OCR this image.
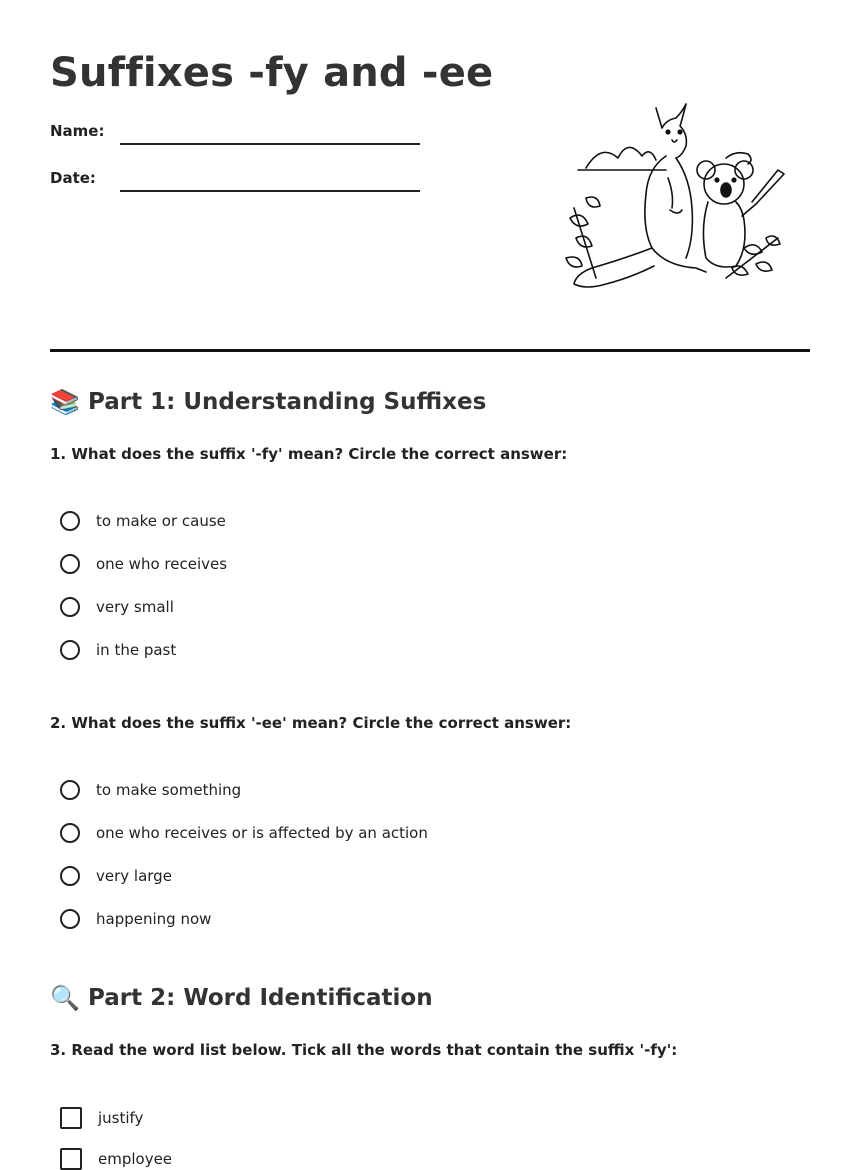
Suffixes -fy and -ee
Name:
Date:
📚 Part 1: Understanding Suffixes

1. What does the suffix '-fy' mean? Circle the correct answer:

to make or cause
one who receives
very small
in the past

2. What does the suffix '-ee' mean? Circle the correct answer:

to make something
one who receives or is affected by an action
very large
happening now
🔍 Part 2: Word Identification

3. Read the word list below. Tick all the words that contain the suffix '-fy':

justify
employee
